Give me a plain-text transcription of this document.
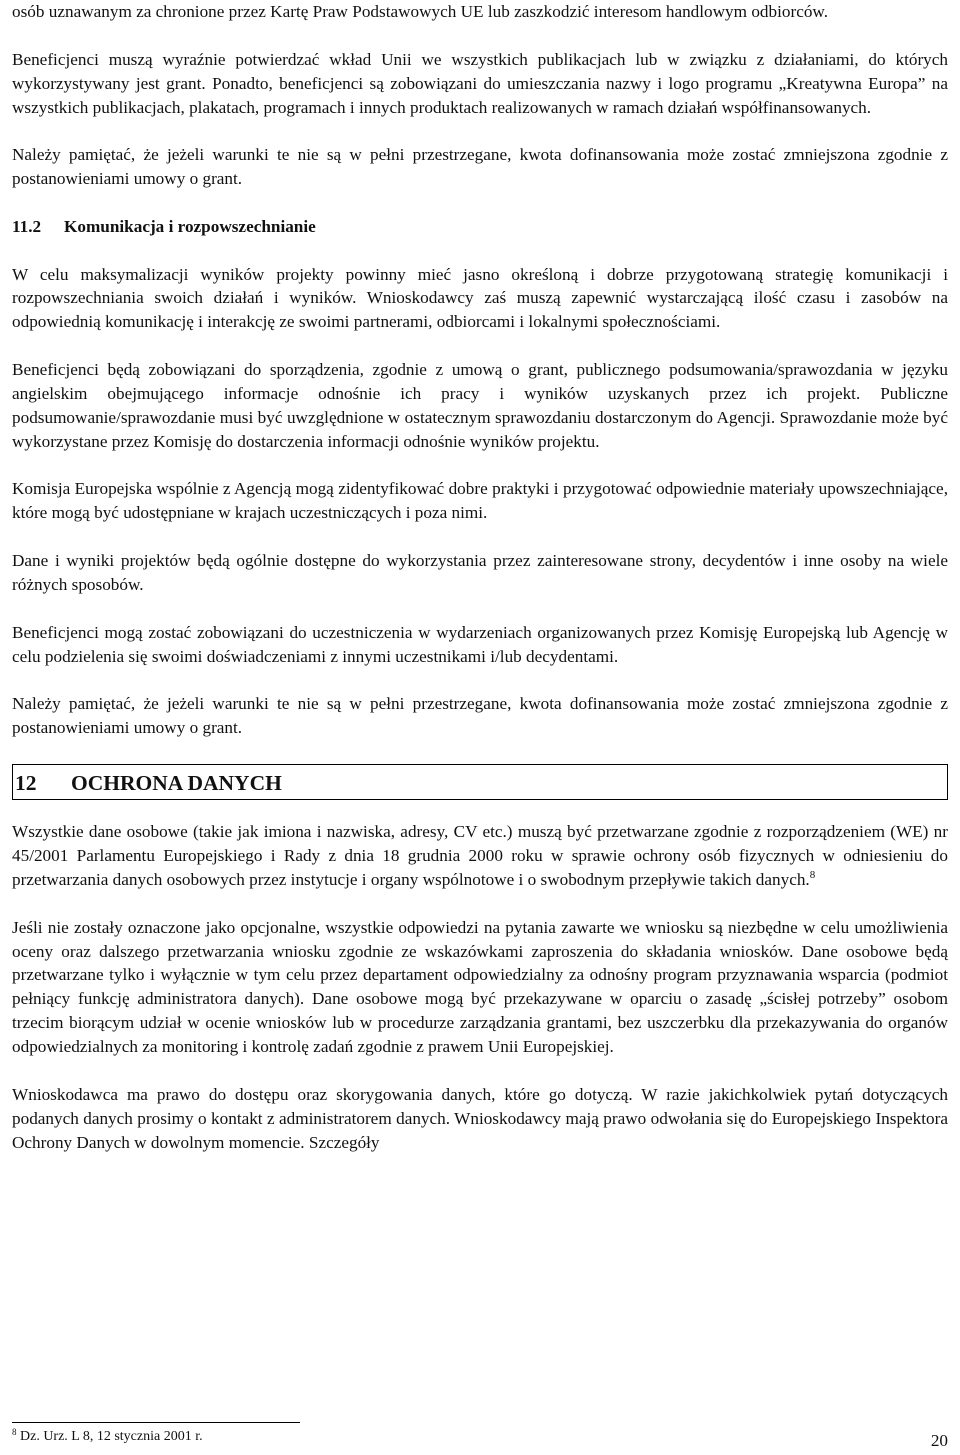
osób uznawanym za chronione przez Kartę Praw Podstawowych UE lub zaszkodzić interesom handlowym odbiorców.

Beneficjenci muszą wyraźnie potwierdzać wkład Unii we wszystkich publikacjach lub w związku z działaniami, do których wykorzystywany jest grant. Ponadto, beneficjenci są zobowiązani do umieszczania nazwy i logo programu „Kreatywna Europa” na wszystkich publikacjach, plakatach, programach i innych produktach realizowanych w ramach działań współfinansowanych.

Należy pamiętać, że jeżeli warunki te nie są w pełni przestrzegane, kwota dofinansowania może zostać zmniejszona zgodnie z postanowieniami umowy o grant.

11.2 Komunikacja i rozpowszechnianie

W celu maksymalizacji wyników projekty powinny mieć jasno określoną i dobrze przygotowaną strategię komunikacji i rozpowszechniania swoich działań i wyników. Wnioskodawcy zaś muszą zapewnić wystarczającą ilość czasu i zasobów na odpowiednią komunikację i interakcję ze swoimi partnerami, odbiorcami i lokalnymi społecznościami.

Beneficjenci będą zobowiązani do sporządzenia, zgodnie z umową o grant, publicznego podsumowania/sprawozdania w języku angielskim obejmującego informacje odnośnie ich pracy i wyników uzyskanych przez ich projekt. Publiczne podsumowanie/sprawozdanie musi być uwzględnione w ostatecznym sprawozdaniu dostarczonym do Agencji. Sprawozdanie może być wykorzystane przez Komisję do dostarczenia informacji odnośnie wyników projektu.

Komisja Europejska wspólnie z Agencją mogą zidentyfikować dobre praktyki i przygotować odpowiednie materiały upowszechniające, które mogą być udostępniane w krajach uczestniczących i poza nimi.

Dane i wyniki projektów będą ogólnie dostępne do wykorzystania przez zainteresowane strony, decydentów i inne osoby na wiele różnych sposobów.

Beneficjenci mogą zostać zobowiązani do uczestniczenia w wydarzeniach organizowanych przez Komisję Europejską lub Agencję w celu podzielenia się swoimi doświadczeniami z innymi uczestnikami i/lub decydentami.

Należy pamiętać, że jeżeli warunki te nie są w pełni przestrzegane, kwota dofinansowania może zostać zmniejszona zgodnie z postanowieniami umowy o grant.

12 OCHRONA DANYCH

Wszystkie dane osobowe (takie jak imiona i nazwiska, adresy, CV etc.) muszą być przetwarzane zgodnie z rozporządzeniem (WE) nr 45/2001 Parlamentu Europejskiego i Rady z dnia 18 grudnia 2000 roku w sprawie ochrony osób fizycznych w odniesieniu do przetwarzania danych osobowych przez instytucje i organy wspólnotowe i o swobodnym przepływie takich danych.$^8$

Jeśli nie zostały oznaczone jako opcjonalne, wszystkie odpowiedzi na pytania zawarte we wniosku są niezbędne w celu umożliwienia oceny oraz dalszego przetwarzania wniosku zgodnie ze wskazówkami zaproszenia do składania wniosków. Dane osobowe będą przetwarzane tylko i wyłącznie w tym celu przez departament odpowiedzialny za odnośny program przyznawania wsparcia (podmiot pełniący funkcję administratora danych). Dane osobowe mogą być przekazywane w oparciu o zasadę „ścisłej potrzeby” osobom trzecim biorącym udział w ocenie wniosków lub w procedurze zarządzania grantami, bez uszczerbku dla przekazywania do organów odpowiedzialnych za monitoring i kontrolę zadań zgodnie z prawem Unii Europejskiej.

Wnioskodawca ma prawo do dostępu oraz skorygowania danych, które go dotyczą. W razie jakichkolwiek pytań dotyczących podanych danych prosimy o kontakt z administratorem danych. Wnioskodawcy mają prawo odwołania się do Europejskiego Inspektora Ochrony Danych w dowolnym momencie. Szczegóły

$^8$ Dz. Urz. L 8, 12 stycznia 2001 r.	20
